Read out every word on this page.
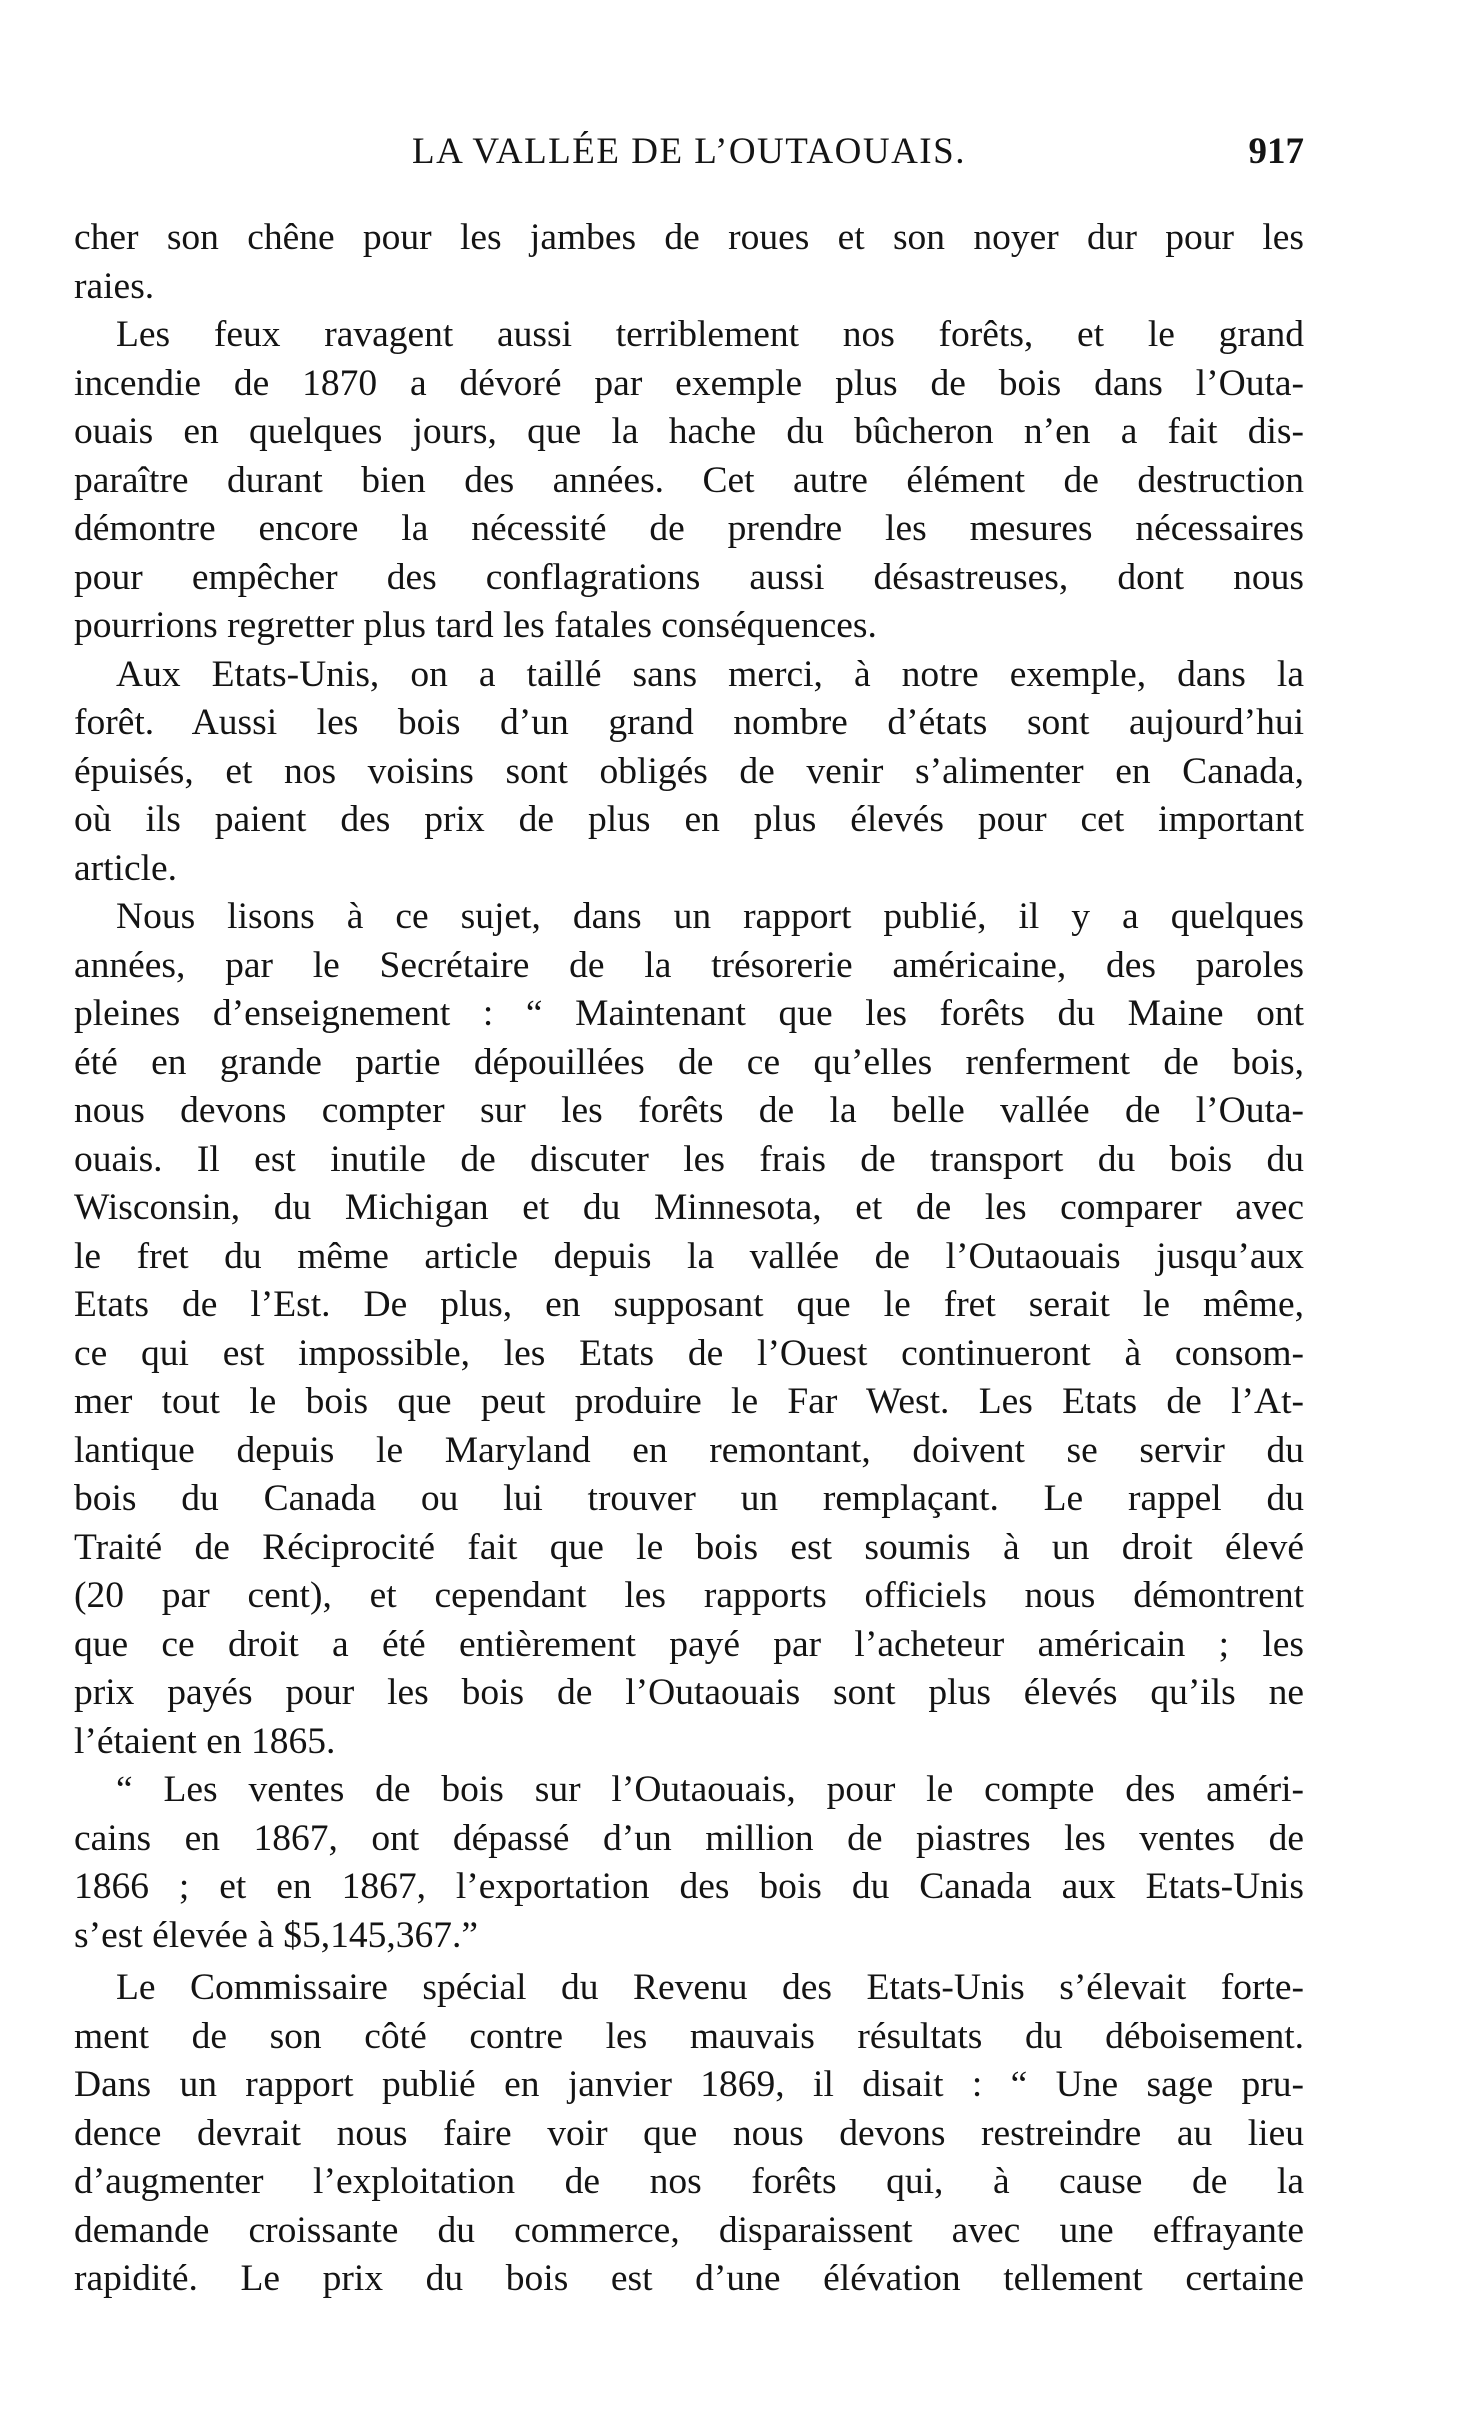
LA VALLÉE DE L’OUTAOUAIS.	917
cher son chêne pour les jambes de roues et son noyer dur pour les
raies.
Les feux ravagent aussi terriblement nos forêts, et le grand
incendie de 1870 a dévoré par exemple plus de bois dans l’Outa-
ouais en quelques jours, que la hache du bûcheron n’en a fait dis-
paraître durant bien des années. Cet autre élément de destruction
démontre encore la nécessité de prendre les mesures nécessaires
pour empêcher des conflagrations aussi désastreuses, dont nous
pourrions regretter plus tard les fatales conséquences.
Aux Etats-Unis, on a taillé sans merci, à notre exemple, dans la
forêt. Aussi les bois d’un grand nombre d’états sont aujourd’hui
épuisés, et nos voisins sont obligés de venir s’alimenter en Canada,
où ils paient des prix de plus en plus élevés pour cet important
article.
Nous lisons à ce sujet, dans un rapport publié, il y a quelques
années, par le Secrétaire de la trésorerie américaine, des paroles
pleines d’enseignement : “ Maintenant que les forêts du Maine ont
été en grande partie dépouillées de ce qu’elles renferment de bois,
nous devons compter sur les forêts de la belle vallée de l’Outa-
ouais. Il est inutile de discuter les frais de transport du bois du
Wisconsin, du Michigan et du Minnesota, et de les comparer avec
le fret du même article depuis la vallée de l’Outaouais jusqu’aux
Etats de l’Est. De plus, en supposant que le fret serait le même,
ce qui est impossible, les Etats de l’Ouest continueront à consom-
mer tout le bois que peut produire le Far West. Les Etats de l’At-
lantique depuis le Maryland en remontant, doivent se servir du
bois du Canada ou lui trouver un remplaçant. Le rappel du
Traité de Réciprocité fait que le bois est soumis à un droit élevé
(20 par cent), et cependant les rapports officiels nous démontrent
que ce droit a été entièrement payé par l’acheteur américain ; les
prix payés pour les bois de l’Outaouais sont plus élevés qu’ils ne
l’étaient en 1865.
“ Les ventes de bois sur l’Outaouais, pour le compte des améri-
cains en 1867, ont dépassé d’un million de piastres les ventes de
1866 ; et en 1867, l’exportation des bois du Canada aux Etats-Unis
s’est élevée à $5,145,367.”
Le Commissaire spécial du Revenu des Etats-Unis s’élevait forte-
ment de son côté contre les mauvais résultats du déboisement.
Dans un rapport publié en janvier 1869, il disait : “ Une sage pru-
dence devrait nous faire voir que nous devons restreindre au lieu
d’augmenter l’exploitation de nos forêts qui, à cause de la
demande croissante du commerce, disparaissent avec une effrayante
rapidité. Le prix du bois est d’une élévation tellement certaine
